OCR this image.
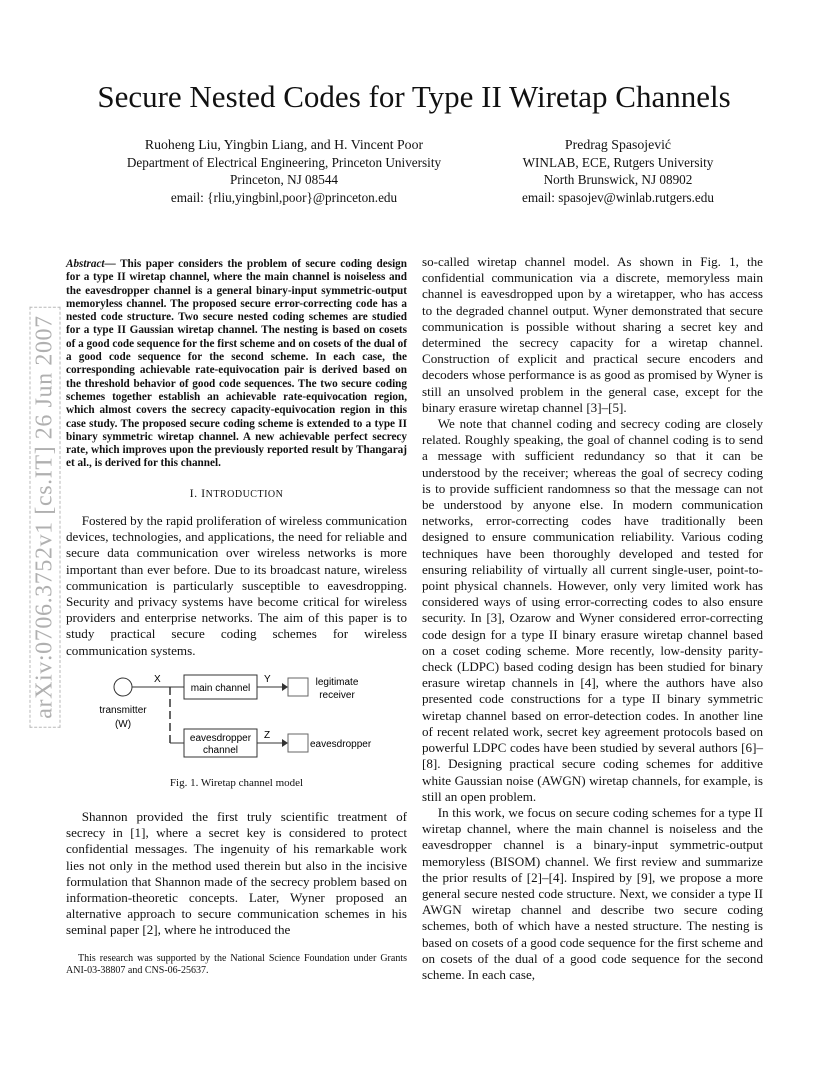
Secure Nested Codes for Type II Wiretap Channels
Ruoheng Liu, Yingbin Liang, and H. Vincent Poor
Department of Electrical Engineering, Princeton University
Princeton, NJ 08544
email: {rliu,yingbinl,poor}@princeton.edu
Predrag Spasojević
WINLAB, ECE, Rutgers University
North Brunswick, NJ 08902
email: spasojev@winlab.rutgers.edu
arXiv:0706.3752v1 [cs.IT] 26 Jun 2007
Abstract— This paper considers the problem of secure coding design for a type II wiretap channel, where the main channel is noiseless and the eavesdropper channel is a general binary-input symmetric-output memoryless channel. The proposed secure error-correcting code has a nested code structure. Two secure nested coding schemes are studied for a type II Gaussian wiretap channel. The nesting is based on cosets of a good code sequence for the first scheme and on cosets of the dual of a good code sequence for the second scheme. In each case, the corresponding achievable rate-equivocation pair is derived based on the threshold behavior of good code sequences. The two secure coding schemes together establish an achievable rate-equivocation region, which almost covers the secrecy capacity-equivocation region in this case study. The proposed secure coding scheme is extended to a type II binary symmetric wiretap channel. A new achievable perfect secrecy rate, which improves upon the previously reported result by Thangaraj et al., is derived for this channel.
I. INTRODUCTION

Fostered by the rapid proliferation of wireless communication devices, technologies, and applications, the need for reliable and secure data communication over wireless networks is more important than ever before. Due to its broadcast nature, wireless communication is particularly susceptible to eavesdropping. Security and privacy systems have become critical for wireless providers and enterprise networks. The aim of this paper is to study practical secure coding schemes for wireless communication systems.

transmitter
(W)
X
main channel
eavesdropper
channel
Y
Z
legitimate
receiver
eavesdropper
Fig. 1. Wiretap channel model

Shannon provided the first truly scientific treatment of secrecy in [1], where a secret key is considered to protect confidential messages. The ingenuity of his remarkable work lies not only in the method used therein but also in the incisive formulation that Shannon made of the secrecy problem based on information-theoretic concepts. Later, Wyner proposed an alternative approach to secure communication schemes in his seminal paper [2], where he introduced the

This research was supported by the National Science Foundation under Grants ANI-03-38807 and CNS-06-25637.

so-called wiretap channel model. As shown in Fig. 1, the confidential communication via a discrete, memoryless main channel is eavesdropped upon by a wiretapper, who has access to the degraded channel output. Wyner demonstrated that secure communication is possible without sharing a secret key and determined the secrecy capacity for a wiretap channel. Construction of explicit and practical secure encoders and decoders whose performance is as good as promised by Wyner is still an unsolved problem in the general case, except for the binary erasure wiretap channel [3]–[5].

We note that channel coding and secrecy coding are closely related. Roughly speaking, the goal of channel coding is to send a message with sufficient redundancy so that it can be understood by the receiver; whereas the goal of secrecy coding is to provide sufficient randomness so that the message can not be understood by anyone else. In modern communication networks, error-correcting codes have traditionally been designed to ensure communication reliability. Various coding techniques have been thoroughly developed and tested for ensuring reliability of virtually all current single-user, point-to-point physical channels. However, only very limited work has considered ways of using error-correcting codes to also ensure security. In [3], Ozarow and Wyner considered error-correcting code design for a type II binary erasure wiretap channel based on a coset coding scheme. More recently, low-density parity-check (LDPC) based coding design has been studied for binary erasure wiretap channels in [4], where the authors have also presented code constructions for a type II binary symmetric wiretap channel based on error-detection codes. In another line of recent related work, secret key agreement protocols based on powerful LDPC codes have been studied by several authors [6]–[8]. Designing practical secure coding schemes for additive white Gaussian noise (AWGN) wiretap channels, for example, is still an open problem.

In this work, we focus on secure coding schemes for a type II wiretap channel, where the main channel is noiseless and the eavesdropper channel is a binary-input symmetric-output memoryless (BISOM) channel. We first review and summarize the prior results of [2]–[4]. Inspired by [9], we propose a more general secure nested code structure. Next, we consider a type II AWGN wiretap channel and describe two secure coding schemes, both of which have a nested structure. The nesting is based on cosets of a good code sequence for the first scheme and on cosets of the dual of a good code sequence for the second scheme. In each case,
